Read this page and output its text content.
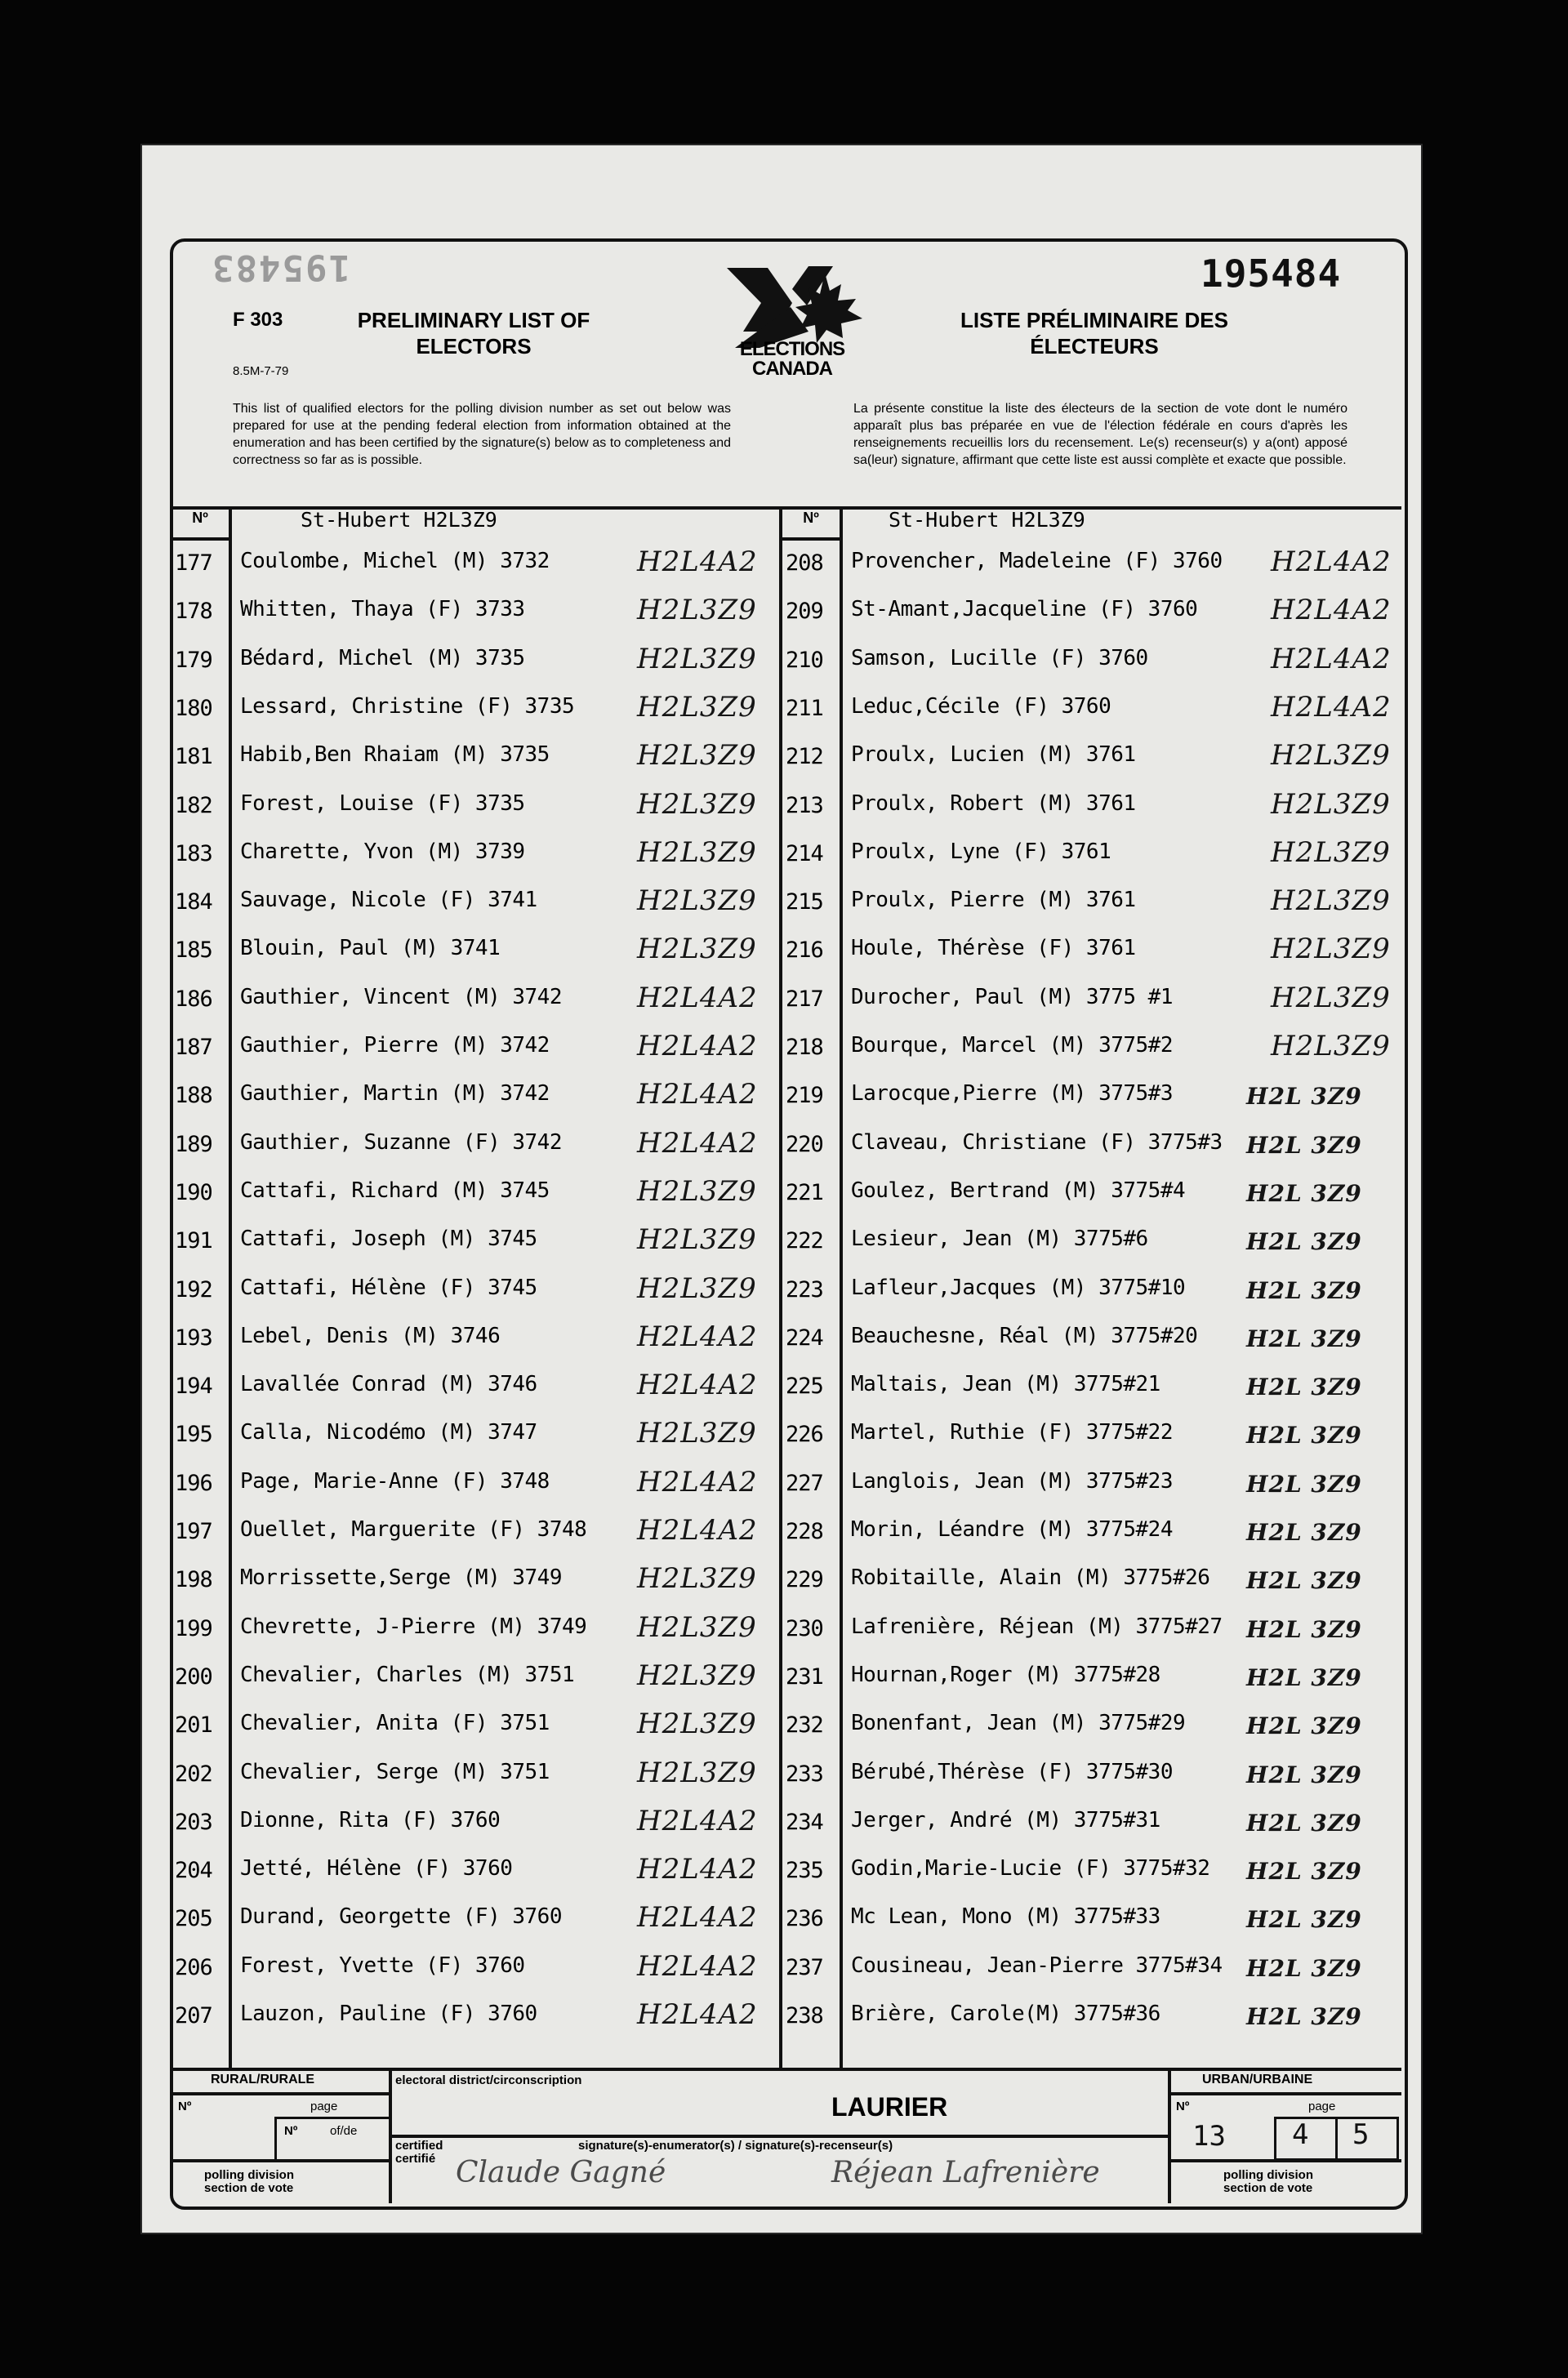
195483	195484
F 303
8.5M-7-79
PRELIMINARY LIST OF
ELECTORS	ELECTIONS
CANADA
LISTE PRÉLIMINAIRE DES
ÉLECTEURS
This list of qualified electors for the polling division number as set out below was prepared for use at the pending federal election from information obtained at the enumeration and has been certified by the signature(s) below as to completeness and correctness so far as is possible.
La présente constitue la liste des électeurs de la section de vote dont le numéro apparaît plus bas préparée en vue de l'élection fédérale en cours d'après les renseignements recueillis lors du recensement. Le(s) recenseur(s) y a(ont) apposé sa(leur) signature, affirmant que cette liste est aussi complète et exacte que possible.
Nº	Nº
St-Hubert H2L3Z9	St-Hubert H2L3Z9
177 Coulombe, Michel (M) 3732	H2L4A2
178 Whitten, Thaya (F) 3733	H2L3Z9
179 Bédard, Michel (M) 3735	H2L3Z9
180 Lessard, Christine (F) 3735 H2L3Z9
181 Habib,Ben Rhaiam (M) 3735	H2L3Z9
182 Forest, Louise (F) 3735	H2L3Z9
183 Charette, Yvon (M) 3739	H2L3Z9
184 Sauvage, Nicole (F) 3741	H2L3Z9
185 Blouin, Paul (M) 3741	H2L3Z9
186 Gauthier, Vincent (M) 3742	H2L4A2
187 Gauthier, Pierre (M) 3742	H2L4A2
188 Gauthier, Martin (M) 3742	H2L4A2
189 Gauthier, Suzanne (F) 3742	H2L4A2
190 Cattafi, Richard (M) 3745	H2L3Z9
191 Cattafi, Joseph (M) 3745	H2L3Z9
192 Cattafi, Hélène (F) 3745	H2L3Z9
193 Lebel, Denis (M) 3746	H2L4A2
194 Lavallée Conrad (M) 3746	H2L4A2
195 Calla, Nicodémo (M) 3747	H2L3Z9
196 Page, Marie-Anne (F) 3748	H2L4A2
197 Ouellet, Marguerite (F) 3748 H2L4A2
198 Morrissette,Serge (M) 3749	H2L3Z9
199 Chevrette, J-Pierre (M) 3749 H2L3Z9
200 Chevalier, Charles (M) 3751 H2L3Z9
201 Chevalier, Anita (F) 3751	H2L3Z9
202 Chevalier, Serge (M) 3751	H2L3Z9
203 Dionne, Rita (F) 3760	H2L4A2
204 Jetté, Hélène (F) 3760	H2L4A2
205 Durand, Georgette (F) 3760	H2L4A2
206 Forest, Yvette (F) 3760	H2L4A2
207 Lauzon, Pauline (F) 3760	H2L4A2
208 Provencher, Madeleine (F) 3760 H2L4A2
209 St-Amant,Jacqueline (F) 3760	H2L4A2
210 Samson, Lucille (F) 3760	H2L4A2
211 Leduc,Cécile (F) 3760	H2L4A2
212 Proulx, Lucien (M) 3761	H2L3Z9
213 Proulx, Robert (M) 3761	H2L3Z9
214 Proulx, Lyne (F) 3761	H2L3Z9
215 Proulx, Pierre (M) 3761	H2L3Z9
216 Houle, Thérèse (F) 3761	H2L3Z9
217 Durocher, Paul (M) 3775 #1	H2L3Z9
218 Bourque, Marcel (M) 3775#2	H2L3Z9
219 Larocque,Pierre (M) 3775#3	H2L 3Z9
220 Claveau, Christiane (F) 3775#3 H2L 3Z9
221 Goulez, Bertrand (M) 3775#4	H2L 3Z9
222 Lesieur, Jean (M) 3775#6	H2L 3Z9
223 Lafleur,Jacques (M) 3775#10	H2L 3Z9
224 Beauchesne, Réal (M) 3775#20 H2L 3Z9
225 Maltais, Jean (M) 3775#21	H2L 3Z9
226 Martel, Ruthie (F) 3775#22	H2L 3Z9
227 Langlois, Jean (M) 3775#23	H2L 3Z9
228 Morin, Léandre (M) 3775#24	H2L 3Z9
229 Robitaille, Alain (M) 3775#26 H2L 3Z9
230 Lafrenière, Réjean (M) 3775#27 H2L 3Z9
231 Hournan,Roger (M) 3775#28	H2L 3Z9
232 Bonenfant, Jean (M) 3775#29	H2L 3Z9
233 Bérubé,Thérèse (F) 3775#30	H2L 3Z9
234 Jerger, André (M) 3775#31	H2L 3Z9
235 Godin,Marie-Lucie (F) 3775#32 H2L 3Z9
236 Mc Lean, Mono (M) 3775#33	H2L 3Z9
237 Cousineau, Jean-Pierre 3775#34 H2L 3Z9
238 Brière, Carole(M) 3775#36	H2L 3Z9
RURAL/RURALE
Nº	page
Nº	of/de
polling division
section de vote
electoral district/circonscription
LAURIER
certified
certifié
signature(s)-enumerator(s) / signature(s)-recenseur(s)
Claude Gagné	Réjean Lafrenière
URBAN/URBAINE
Nº	page
13 4 5
polling division
section de vote
